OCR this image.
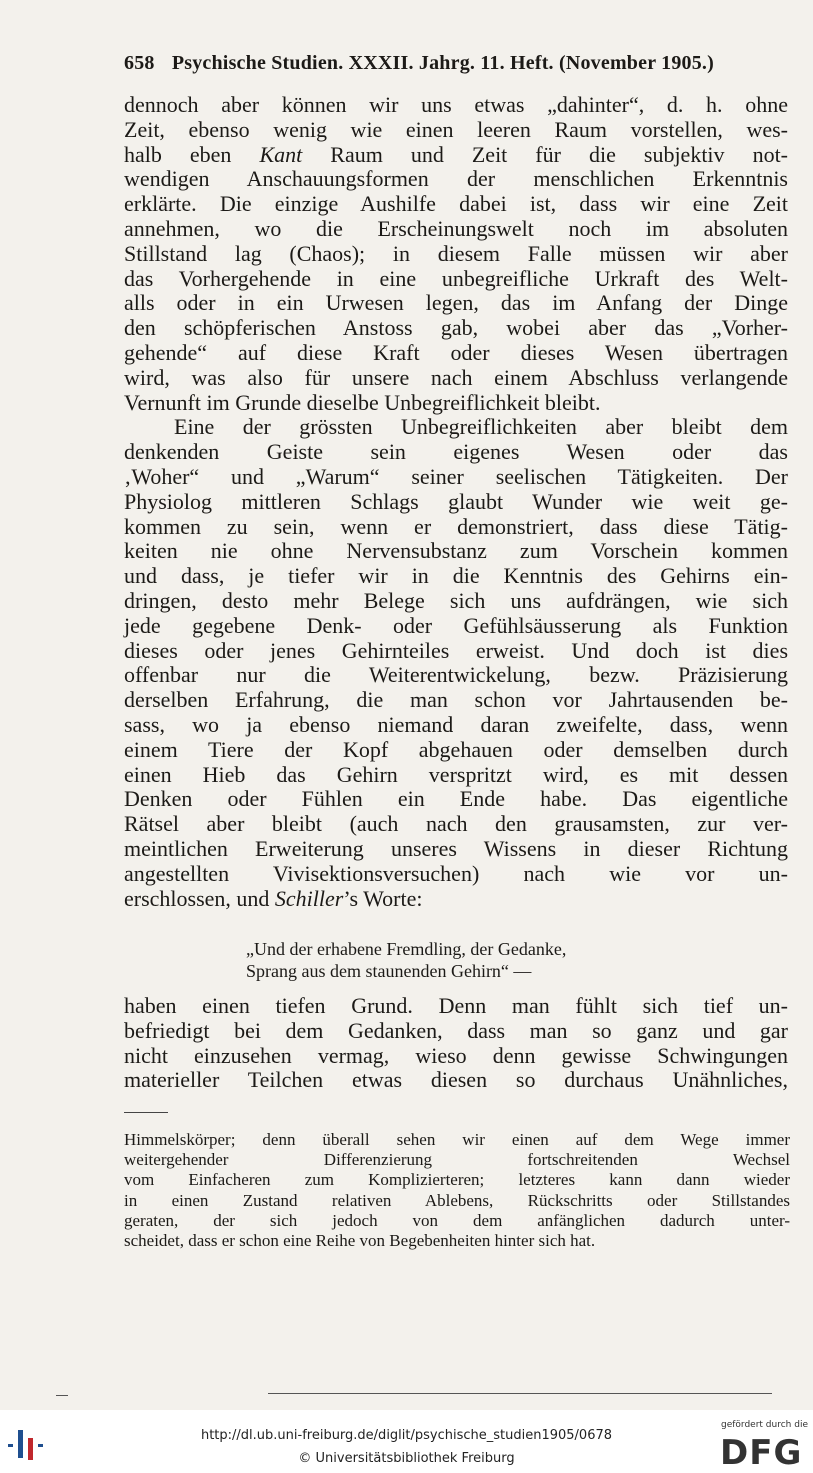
658 Psychische Studien. XXXII. Jahrg. 11. Heft. (November 1905.)
dennoch aber können wir uns etwas „dahinter“, d. h. ohne
Zeit, ebenso wenig wie einen leeren Raum vorstellen, wes-
halb eben Kant Raum und Zeit für die subjektiv not-
wendigen Anschauungsformen der menschlichen Erkenntnis
erklärte. Die einzige Aushilfe dabei ist, dass wir eine Zeit
annehmen, wo die Erscheinungswelt noch im absoluten
Stillstand lag (Chaos); in diesem Falle müssen wir aber
das Vorhergehende in eine unbegreifliche Urkraft des Welt-
alls oder in ein Urwesen legen, das im Anfang der Dinge
den schöpferischen Anstoss gab, wobei aber das „Vorher-
gehende“ auf diese Kraft oder dieses Wesen übertragen
wird, was also für unsere nach einem Abschluss verlangende
Vernunft im Grunde dieselbe Unbegreiflichkeit bleibt.
Eine der grössten Unbegreiflichkeiten aber bleibt dem
denkenden Geiste sein eigenes Wesen oder das
‚Woher“ und „Warum“ seiner seelischen Tätigkeiten. Der
Physiolog mittleren Schlags glaubt Wunder wie weit ge-
kommen zu sein, wenn er demonstriert, dass diese Tätig-
keiten nie ohne Nervensubstanz zum Vorschein kommen
und dass, je tiefer wir in die Kenntnis des Gehirns ein-
dringen, desto mehr Belege sich uns aufdrängen, wie sich
jede gegebene Denk- oder Gefühlsäusserung als Funktion
dieses oder jenes Gehirnteiles erweist. Und doch ist dies
offenbar nur die Weiterentwickelung, bezw. Präzisierung
derselben Erfahrung, die man schon vor Jahrtausenden be-
sass, wo ja ebenso niemand daran zweifelte, dass, wenn
einem Tiere der Kopf abgehauen oder demselben durch
einen Hieb das Gehirn verspritzt wird, es mit dessen
Denken oder Fühlen ein Ende habe. Das eigentliche
Rätsel aber bleibt (auch nach den grausamsten, zur ver-
meintlichen Erweiterung unseres Wissens in dieser Richtung
angestellten Vivisektionsversuchen) nach wie vor un-
erschlossen, und Schiller’s Worte:
„Und der erhabene Fremdling, der Gedanke,
Sprang aus dem staunenden Gehirn“ —
haben einen tiefen Grund. Denn man fühlt sich tief un-
befriedigt bei dem Gedanken, dass man so ganz und gar
nicht einzusehen vermag, wieso denn gewisse Schwingungen
materieller Teilchen etwas diesen so durchaus Unähnliches,
Himmelskörper; denn überall sehen wir einen auf dem Wege immer
weitergehender Differenzierung fortschreitenden Wechsel
vom Einfacheren zum Komplizierteren; letzteres kann dann wieder
in einen Zustand relativen Ablebens, Rückschritts oder Stillstandes
geraten, der sich jedoch von dem anfänglichen dadurch unter-
scheidet, dass er schon eine Reihe von Begebenheiten hinter sich hat.
http://dl.ub.uni-freiburg.de/diglit/psychische_studien1905/0678
© Universitätsbibliothek Freiburg
gefördert durch die
DFG
